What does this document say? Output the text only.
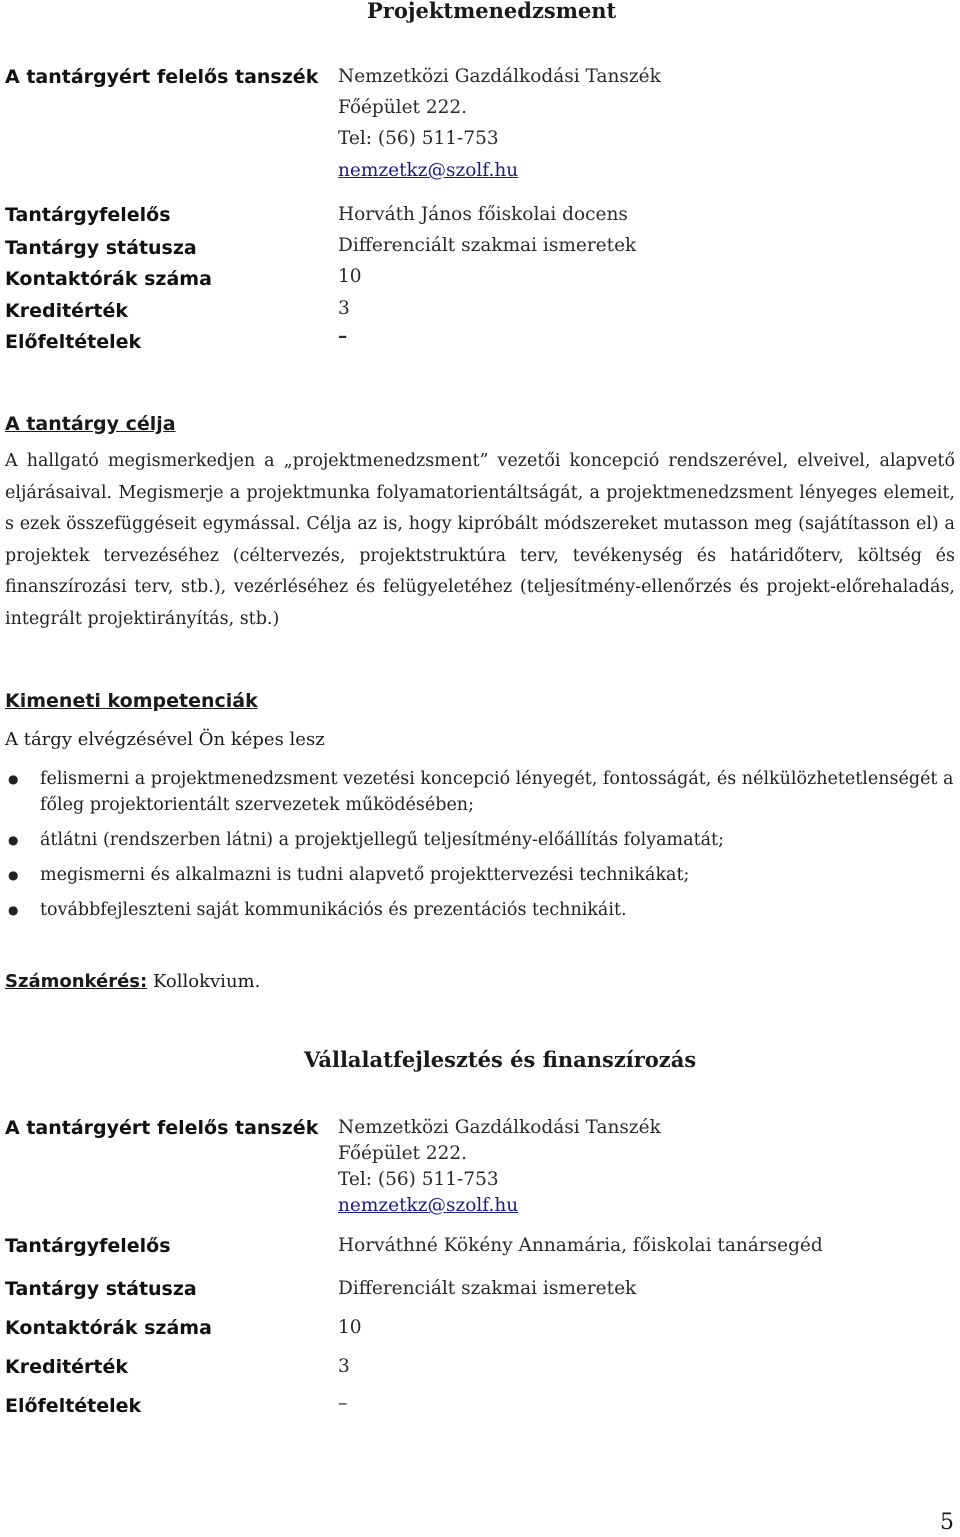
Projektmenedzsment
A tantárgyért felelős tanszék Nemzetközi Gazdálkodási Tanszék
Főépület 222.
Tel: (56) 511-753
nemzetkz@szolf.hu
Tantárgyfelelős	Horváth János főiskolai docens
Tantárgy státusza	Differenciált szakmai ismeretek
Kontaktórák száma	10
Kreditérték	3
Előfeltételek	–
A tantárgy célja
A hallgató megismerkedjen a „projektmenedzsment” vezetői koncepció rendszerével, elveivel, alapvető eljárásaival. Megismerje a projektmunka folyamatorientáltságát, a projektmenedzsment lényeges elemeit, s ezek összefüggéseit egymással. Célja az is, hogy kipróbált módszereket mutasson meg (sajátítasson el) a projektek tervezéséhez (céltervezés, projektstruktúra terv, tevékenység és határidőterv, költség és finanszírozási terv, stb.), vezérléséhez és felügyeletéhez (teljesítmény-ellenőrzés és projekt-előrehaladás, integrált projektirányítás, stb.)
Kimeneti kompetenciák
A tárgy elvégzésével Ön képes lesz
● felismerni a projektmenedzsment vezetési koncepció lényegét, fontosságát, és nélkülözhetetlenségét a főleg projektorientált szervezetek működésében;
● átlátni (rendszerben látni) a projektjellegű teljesítmény-előállítás folyamatát;
● megismerni és alkalmazni is tudni alapvető projekttervezési technikákat;
● továbbfejleszteni saját kommunikációs és prezentációs technikáit.
Számonkérés: Kollokvium.
Vállalatfejlesztés és finanszírozás
A tantárgyért felelős tanszék Nemzetközi Gazdálkodási Tanszék
Főépület 222.
Tel: (56) 511-753
nemzetkz@szolf.hu
Tantárgyfelelős	Horváthné Kökény Annamária, főiskolai tanársegéd
Tantárgy státusza	Differenciált szakmai ismeretek
Kontaktórák száma	10
Kreditérték	3
Előfeltételek	–
5
